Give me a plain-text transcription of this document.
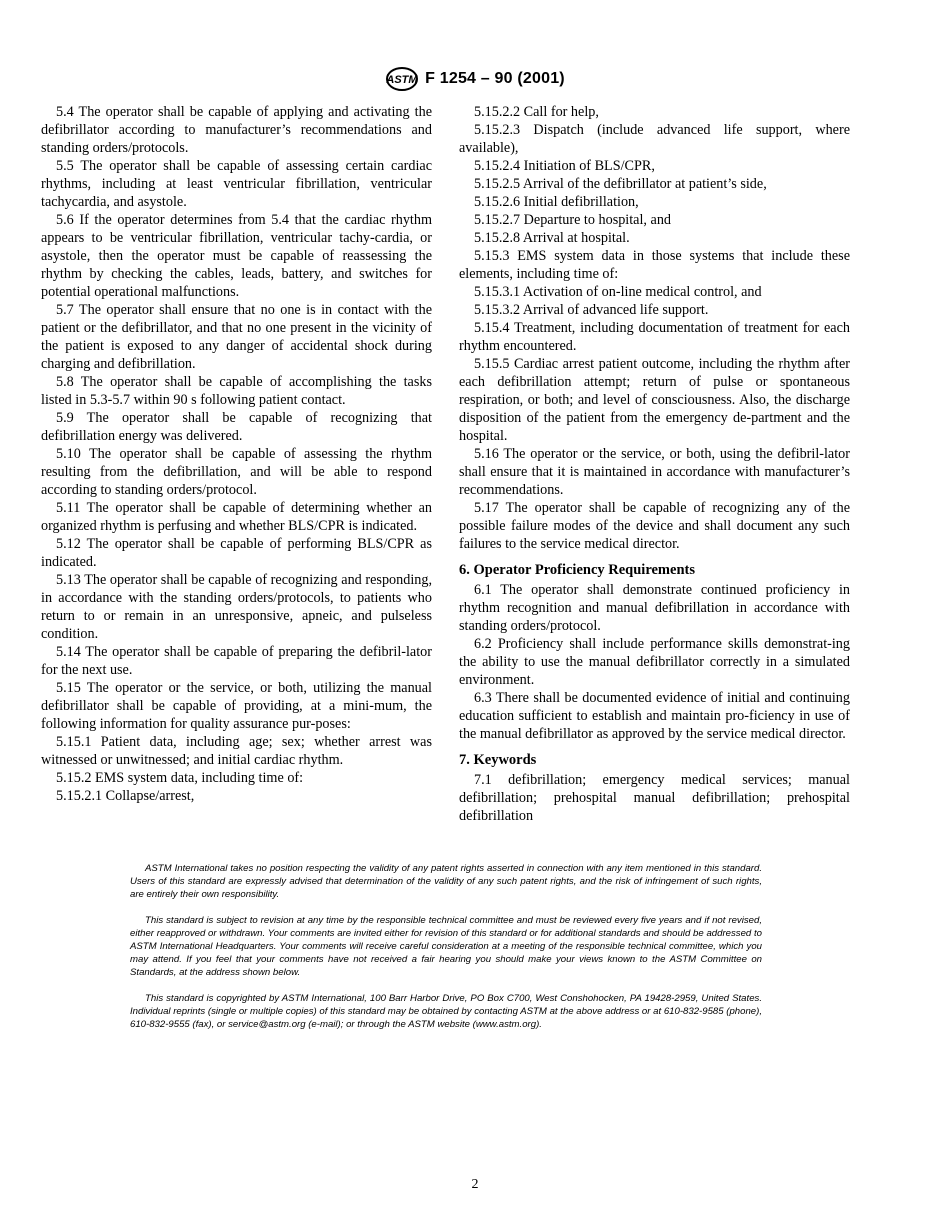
ASTM F 1254 – 90 (2001)

5.4 The operator shall be capable of applying and activating the defibrillator according to manufacturer’s recommendations and standing orders/protocols.

5.5 The operator shall be capable of assessing certain cardiac rhythms, including at least ventricular fibrillation, ventricular tachycardia, and asystole.

5.6 If the operator determines from 5.4 that the cardiac rhythm appears to be ventricular fibrillation, ventricular tachy-cardia, or asystole, then the operator must be capable of reassessing the rhythm by checking the cables, leads, battery, and switches for potential operational malfunctions.

5.7 The operator shall ensure that no one is in contact with the patient or the defibrillator, and that no one present in the vicinity of the patient is exposed to any danger of accidental shock during charging and defibrillation.

5.8 The operator shall be capable of accomplishing the tasks listed in 5.3-5.7 within 90 s following patient contact.

5.9 The operator shall be capable of recognizing that defibrillation energy was delivered.

5.10 The operator shall be capable of assessing the rhythm resulting from the defibrillation, and will be able to respond according to standing orders/protocol.

5.11 The operator shall be capable of determining whether an organized rhythm is perfusing and whether BLS/CPR is indicated.

5.12 The operator shall be capable of performing BLS/CPR as indicated.

5.13 The operator shall be capable of recognizing and responding, in accordance with the standing orders/protocols, to patients who return to or remain in an unresponsive, apneic, and pulseless condition.

5.14 The operator shall be capable of preparing the defibril-lator for the next use.

5.15 The operator or the service, or both, utilizing the manual defibrillator shall be capable of providing, at a mini-mum, the following information for quality assurance pur-poses:

5.15.1 Patient data, including age; sex; whether arrest was witnessed or unwitnessed; and initial cardiac rhythm.

5.15.2 EMS system data, including time of:

5.15.2.1 Collapse/arrest,

5.15.2.2 Call for help,

5.15.2.3 Dispatch (include advanced life support, where available),

5.15.2.4 Initiation of BLS/CPR,

5.15.2.5 Arrival of the defibrillator at patient’s side,

5.15.2.6 Initial defibrillation,

5.15.2.7 Departure to hospital, and

5.15.2.8 Arrival at hospital.

5.15.3 EMS system data in those systems that include these elements, including time of:

5.15.3.1 Activation of on-line medical control, and

5.15.3.2 Arrival of advanced life support.

5.15.4 Treatment, including documentation of treatment for each rhythm encountered.

5.15.5 Cardiac arrest patient outcome, including the rhythm after each defibrillation attempt; return of pulse or spontaneous respiration, or both; and level of consciousness. Also, the discharge disposition of the patient from the emergency de-partment and the hospital.

5.16 The operator or the service, or both, using the defibril-lator shall ensure that it is maintained in accordance with manufacturer’s recommendations.

5.17 The operator shall be capable of recognizing any of the possible failure modes of the device and shall document any such failures to the service medical director.

6. Operator Proficiency Requirements

6.1 The operator shall demonstrate continued proficiency in rhythm recognition and manual defibrillation in accordance with standing orders/protocol.

6.2 Proficiency shall include performance skills demonstrat-ing the ability to use the manual defibrillator correctly in a simulated environment.

6.3 There shall be documented evidence of initial and continuing education sufficient to establish and maintain pro-ficiency in use of the manual defibrillator as approved by the service medical director.

7. Keywords

7.1 defibrillation; emergency medical services; manual defibrillation; prehospital manual defibrillation; prehospital defibrillation

ASTM International takes no position respecting the validity of any patent rights asserted in connection with any item mentioned in this standard. Users of this standard are expressly advised that determination of the validity of any such patent rights, and the risk of infringement of such rights, are entirely their own responsibility.

This standard is subject to revision at any time by the responsible technical committee and must be reviewed every five years and if not revised, either reapproved or withdrawn. Your comments are invited either for revision of this standard or for additional standards and should be addressed to ASTM International Headquarters. Your comments will receive careful consideration at a meeting of the responsible technical committee, which you may attend. If you feel that your comments have not received a fair hearing you should make your views known to the ASTM Committee on Standards, at the address shown below.

This standard is copyrighted by ASTM International, 100 Barr Harbor Drive, PO Box C700, West Conshohocken, PA 19428-2959, United States. Individual reprints (single or multiple copies) of this standard may be obtained by contacting ASTM at the above address or at 610-832-9585 (phone), 610-832-9555 (fax), or service@astm.org (e-mail); or through the ASTM website (www.astm.org).

2
